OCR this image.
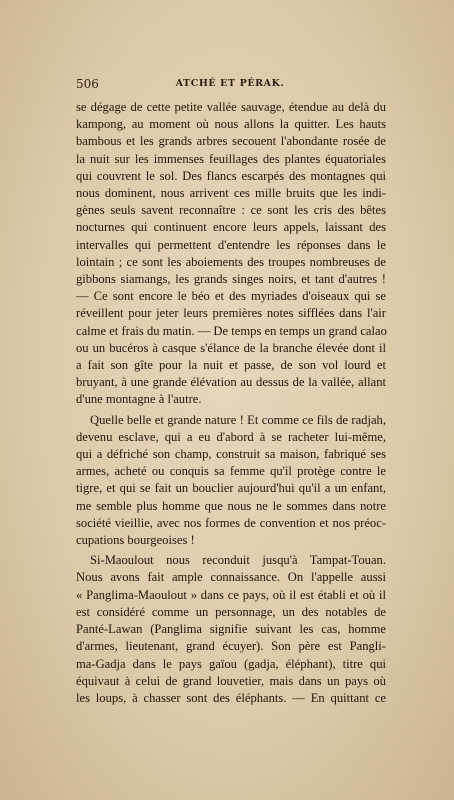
506	ATCHÉ ET PÉRAK.
se dégage de cette petite vallée sauvage, étendue au delà du
kampong, au moment où nous allons la quitter. Les hauts
bambous et les grands arbres secouent l'abondante rosée de
la nuit sur les immenses feuillages des plantes équatoriales
qui couvrent le sol. Des flancs escarpés des montagnes qui
nous dominent, nous arrivent ces mille bruits que les indi-
gènes seuls savent reconnaître : ce sont les cris des bêtes
nocturnes qui continuent encore leurs appels, laissant des
intervalles qui permettent d'entendre les réponses dans le
lointain ; ce sont les aboiements des troupes nombreuses de
gibbons siamangs, les grands singes noirs, et tant d'autres !
— Ce sont encore le béo et des myriades d'oiseaux qui se
réveillent pour jeter leurs premières notes sifflées dans l'air
calme et frais du matin. — De temps en temps un grand calao
ou un bucéros à casque s'élance de la branche élevée dont il
a fait son gîte pour la nuit et passe, de son vol lourd et
bruyant, à une grande élévation au dessus de la vallée, allant
d'une montagne à l'autre.
Quelle belle et grande nature ! Et comme ce fils de radjah,
devenu esclave, qui a eu d'abord à se racheter lui-même,
qui a défriché son champ, construit sa maison, fabriqué ses
armes, acheté ou conquis sa femme qu'il protège contre le
tigre, et qui se fait un bouclier aujourd'hui qu'il a un enfant,
me semble plus homme que nous ne le sommes dans notre
société vieillie, avec nos formes de convention et nos préoc-
cupations bourgeoises !
Si-Maoulout nous reconduit jusqu'à Tampat-Touan.
Nous avons fait ample connaissance. On l'appelle aussi
« Panglima-Maoulout » dans ce pays, où il est établi et où il
est considéré comme un personnage, un des notables de
Panté-Lawan (Panglima signifie suivant les cas, homme
d'armes, lieutenant, grand écuyer). Son père est Pangli-
ma-Gadja dans le pays gaïou (gadja, éléphant), titre qui
équivaut à celui de grand louvetier, mais dans un pays où
les loups, à chasser sont des éléphants. — En quittant ce
